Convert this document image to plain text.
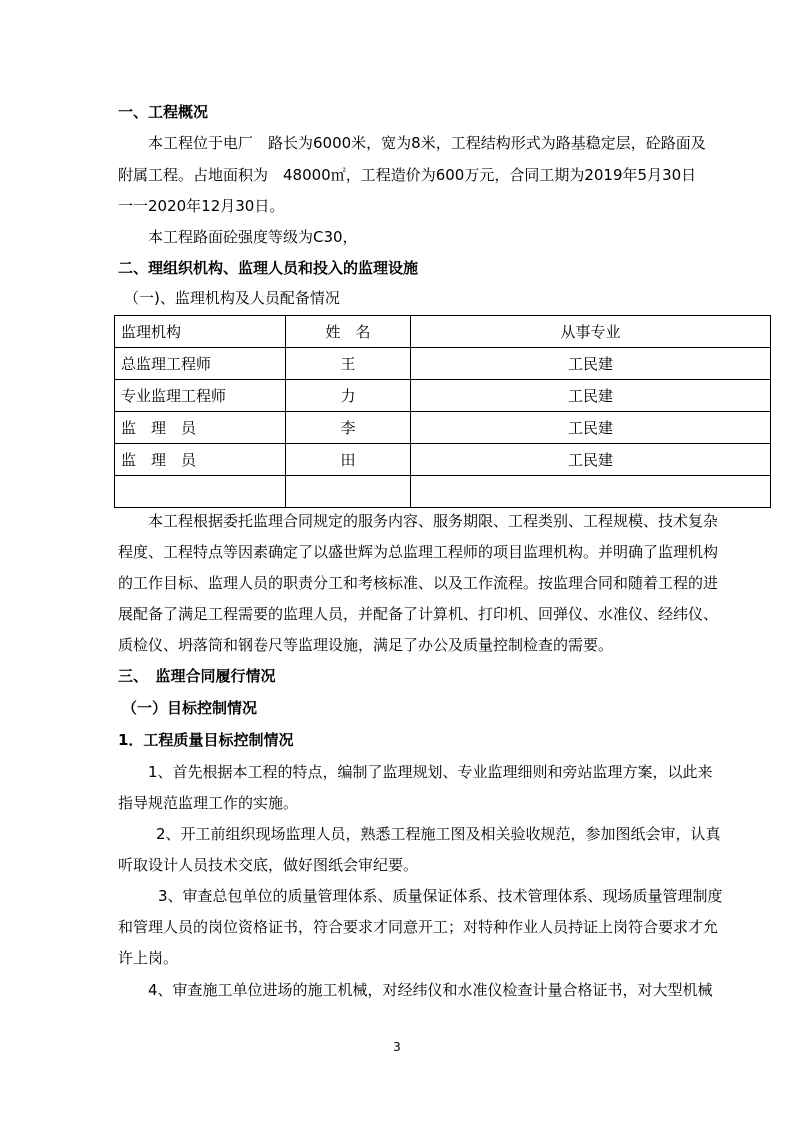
一、工程概况
本工程位于电厂　路长为6000米，宽为8米，工程结构形式为路基稳定层，砼路面及
附属工程。占地面积为　48000㎡，工程造价为600万元，合同工期为2019年5月30日
一一2020年12月30日。
本工程路面砼强度等级为C30，
二、理组织机构、监理人员和投入的监理设施
（一)、监理机构及人员配备情况
监理机构	姓　名	从事专业
总监理工程师	王	工民建
专业监理工程师	力	工民建
监　理　员	李	工民建
监　理　员	田	工民建

本工程根据委托监理合同规定的服务内容、服务期限、工程类别、工程规模、技术复杂
程度、工程特点等因素确定了以盛世辉为总监理工程师的项目监理机构。并明确了监理机构
的工作目标、监理人员的职责分工和考核标准、以及工作流程。按监理合同和随着工程的进
展配备了满足工程需要的监理人员，并配备了计算机、打印机、回弹仪、水准仪、经纬仪、
质检仪、坍落筒和钢卷尺等监理设施，满足了办公及质量控制检查的需要。
三、　监理合同履行情况
（一）目标控制情况
1．工程质量目标控制情况
1、首先根据本工程的特点，编制了监理规划、专业监理细则和旁站监理方案，以此来
指导规范监理工作的实施。
2、开工前组织现场监理人员，熟悉工程施工图及相关验收规范，参加图纸会审，认真
听取设计人员技术交底，做好图纸会审纪要。
3、审查总包单位的质量管理体系、质量保证体系、技术管理体系、现场质量管理制度
和管理人员的岗位资格证书，符合要求才同意开工；对特种作业人员持证上岗符合要求才允
许上岗。
4、审查施工单位进场的施工机械，对经纬仪和水准仪检查计量合格证书，对大型机械
3
